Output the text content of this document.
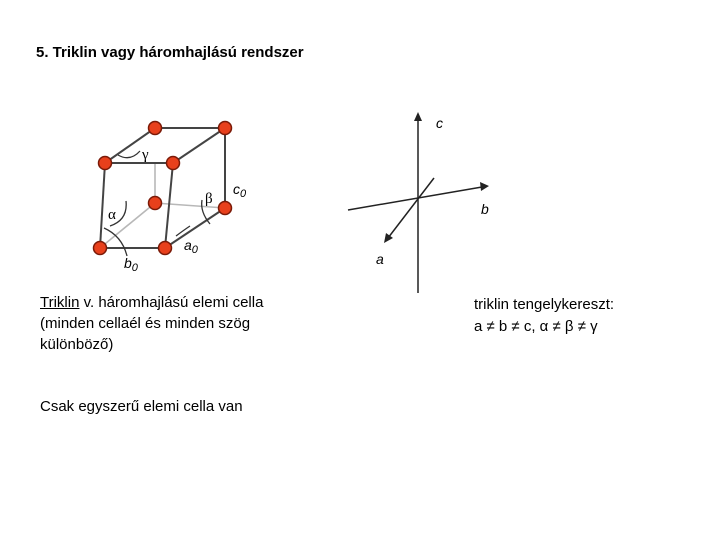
5. Triklin vagy háromhajlású rendszer
γ
α
β
$c_0$
$a_0$
$b_0$
c
b
a
Triklin v. háromhajlású elemi cella
(minden cellaél és minden szög
különböző)
Csak egyszerű elemi cella van
triklin tengelykereszt:
a ≠ b ≠ c, α ≠ β ≠ γ
